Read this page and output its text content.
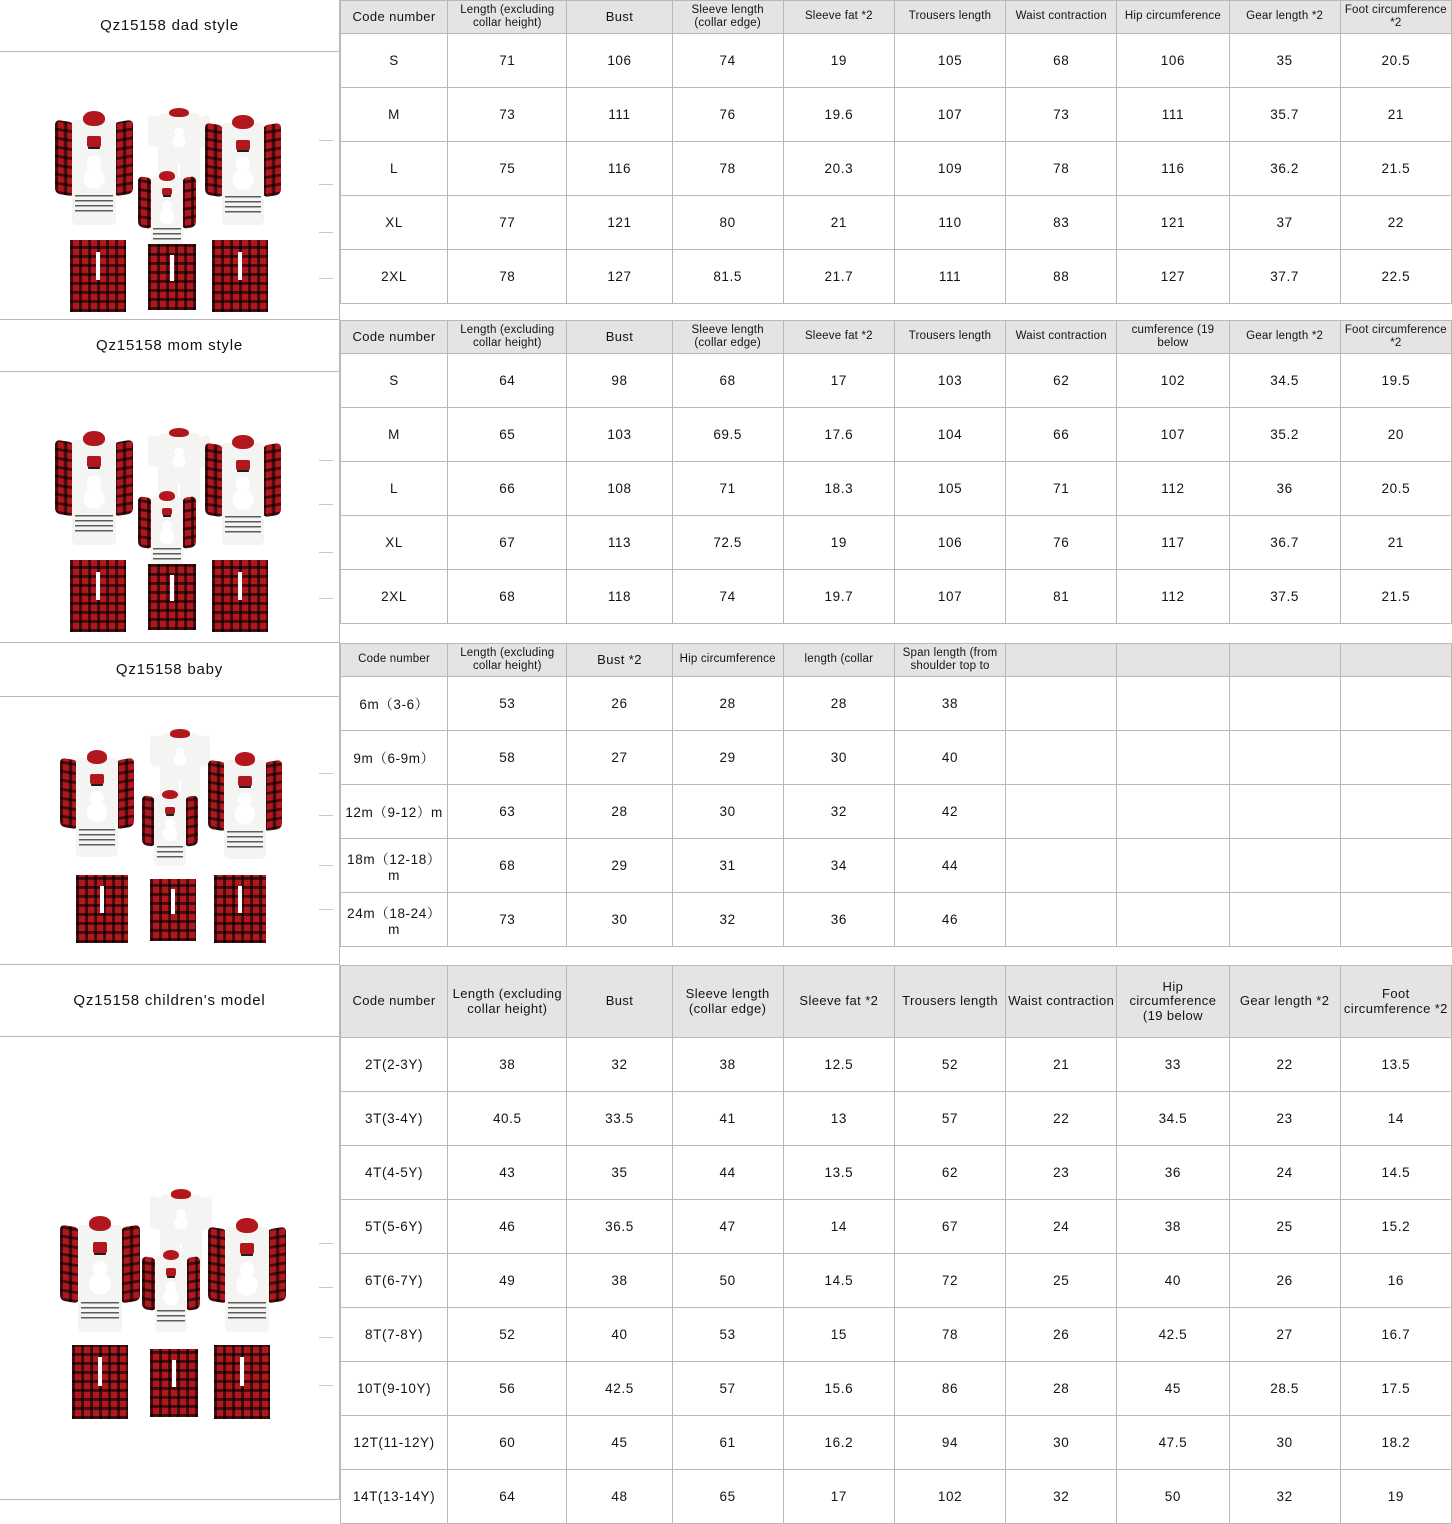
Qz15158 dad style
Code number	Length (excluding collar height)	Bust	Sleeve length (collar edge)	Sleeve fat *2	Trousers length	Waist contraction	Hip circumference	Gear length *2	Foot circumference *2
S	71	106	74	19	105	68	106	35	20.5
M	73	111	76	19.6	107	73	111	35.7	21
L	75	116	78	20.3	109	78	116	36.2	21.5
XL	77	121	80	21	110	83	121	37	22
2XL	78	127	81.5	21.7	111	88	127	37.7	22.5
Qz15158 mom style
Code number	Length (excluding collar height)	Bust	Sleeve length (collar edge)	Sleeve fat *2	Trousers length	Waist contraction	cumference (19 below	Gear length *2	Foot circumference *2
S	64	98	68	17	103	62	102	34.5	19.5
M	65	103	69.5	17.6	104	66	107	35.2	20
L	66	108	71	18.3	105	71	112	36	20.5
XL	67	113	72.5	19	106	76	117	36.7	21
2XL	68	118	74	19.7	107	81	112	37.5	21.5
Qz15158 baby
Code number	Length (excluding collar height)	Bust *2	Hip circumference	length (collar	Span length (from shoulder top to				
6m（3-6）	53	26	28	28	38				
9m（6-9m）	58	27	29	30	40				
12m（9-12）m	63	28	30	32	42				
18m（12-18）m	68	29	31	34	44				
24m（18-24）m	73	30	32	36	46				
Qz15158 children's model	Code number	Length (excluding collar height)	Bust	Sleeve length (collar edge)	Sleeve fat *2	Trousers length	Waist contraction	Hip circumference (19 below	Gear length *2	Foot circumference *2
2T(2-3Y)	38	32	38	12.5	52	21	33	22	13.5
3T(3-4Y)	40.5	33.5	41	13	57	22	34.5	23	14
4T(4-5Y)	43	35	44	13.5	62	23	36	24	14.5
5T(5-6Y)	46	36.5	47	14	67	24	38	25	15.2
6T(6-7Y)	49	38	50	14.5	72	25	40	26	16
8T(7-8Y)	52	40	53	15	78	26	42.5	27	16.7
10T(9-10Y)	56	42.5	57	15.6	86	28	45	28.5	17.5
12T(11-12Y)	60	45	61	16.2	94	30	47.5	30	18.2
14T(13-14Y)	64	48	65	17	102	32	50	32	19
